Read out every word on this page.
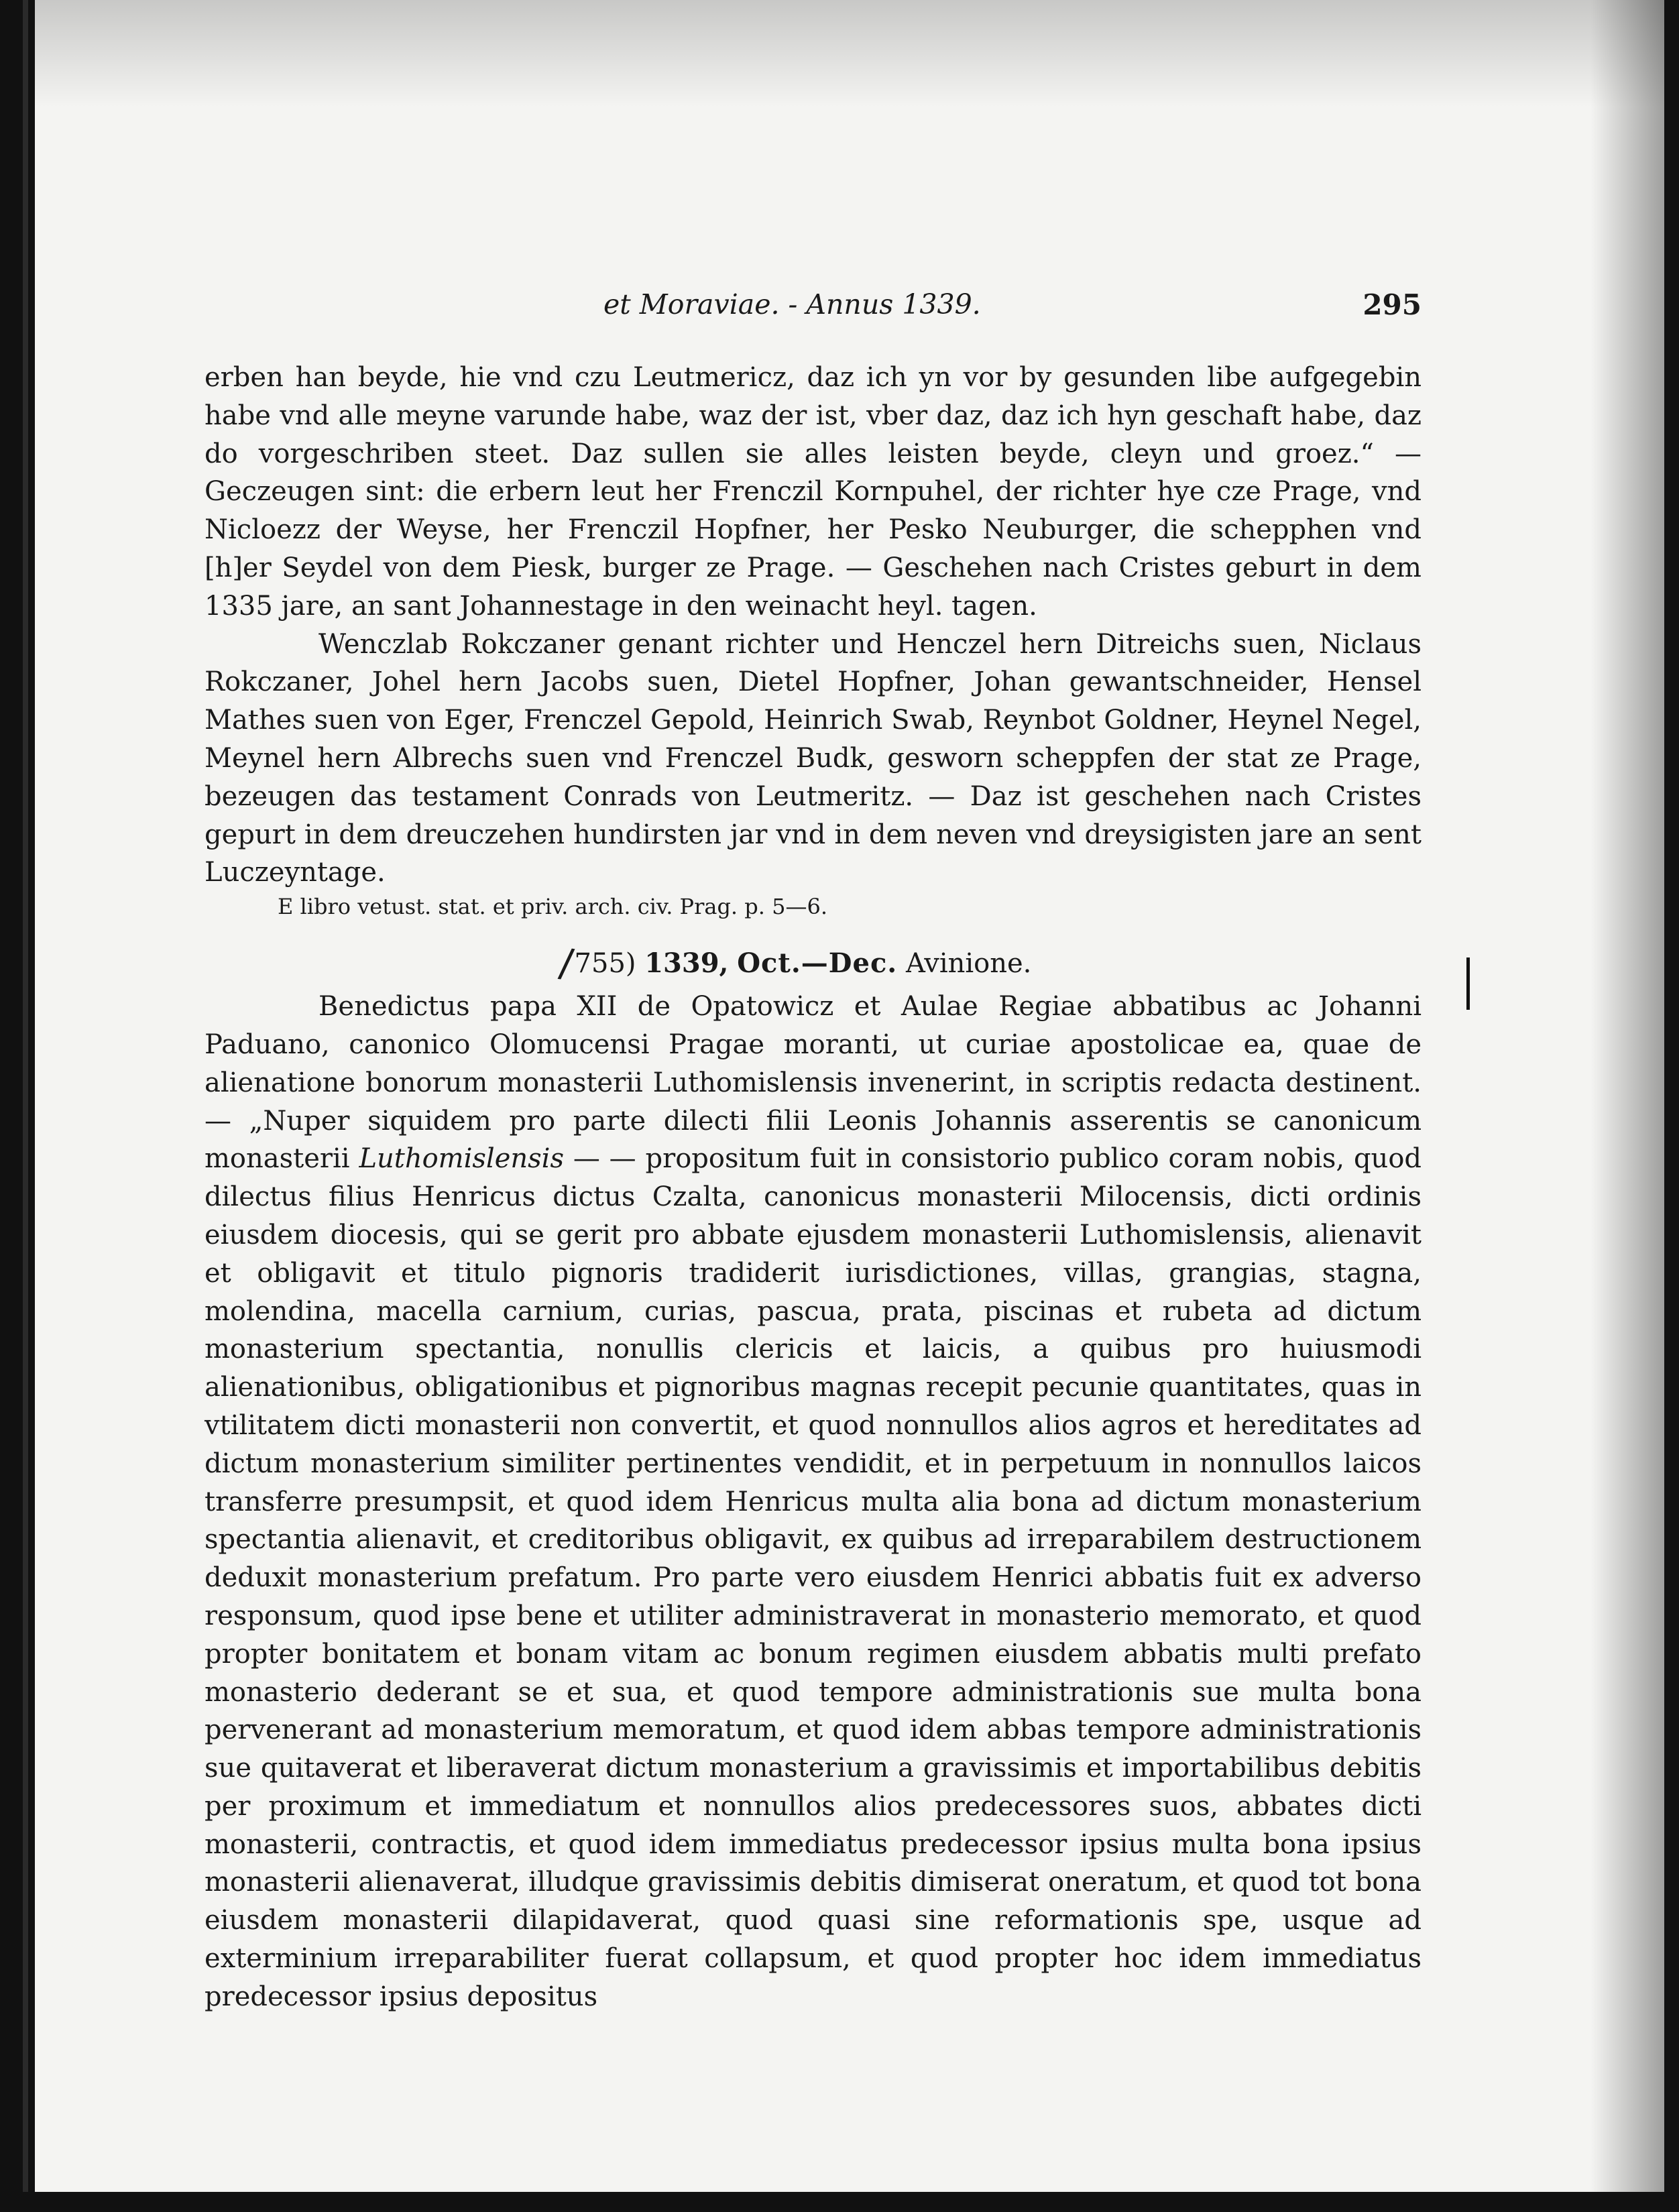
et Moraviae. - Annus 1339.	295

erben han beyde, hie vnd czu Leutmericz, daz ich yn vor by gesunden libe aufgegebin habe vnd alle meyne varunde habe, waz der ist, vber daz, daz ich hyn geschaft habe, daz do vorgeschriben steet. Daz sullen sie alles leisten beyde, cleyn und groez.“ — Geczeugen sint: die erbern leut her Frenczil Kornpuhel, der richter hye cze Prage, vnd Nicloezz der Weyse, her Frenczil Hopfner, her Pesko Neuburger, die schepphen vnd [h]er Seydel von dem Piesk, burger ze Prage. — Geschehen nach Cristes geburt in dem 1335 jare, an sant Johannestage in den weinacht heyl. tagen.

Wenczlab Rokczaner genant richter und Henczel hern Ditreichs suen, Niclaus Rokczaner, Johel hern Jacobs suen, Dietel Hopfner, Johan gewantschneider, Hensel Mathes suen von Eger, Frenczel Gepold, Heinrich Swab, Reynbot Goldner, Heynel Negel, Meynel hern Albrechs suen vnd Frenczel Budk, gesworn scheppfen der stat ze Prage, bezeugen das testament Conrads von Leutmeritz. — Daz ist geschehen nach Cristes gepurt in dem dreuczehen hundirsten jar vnd in dem neven vnd dreysigisten jare an sent Luczeyntage.

E libro vetust. stat. et priv. arch. civ. Prag. p. 5—6.

/755) 1339, Oct.—Dec. Avinione.

Benedictus papa XII de Opatowicz et Aulae Regiae abbatibus ac Johanni Paduano, canonico Olomucensi Pragae moranti, ut curiae apostolicae ea, quae de alienatione bonorum monasterii Luthomislensis invenerint, in scriptis redacta destinent. — „Nuper siquidem pro parte dilecti filii Leonis Johannis asserentis se canonicum monasterii Luthomislensis — — propositum fuit in consistorio publico coram nobis, quod dilectus filius Henricus dictus Czalta, canonicus monasterii Milocensis, dicti ordinis eiusdem diocesis, qui se gerit pro abbate ejusdem monasterii Luthomislensis, alienavit et obligavit et titulo pignoris tradiderit iurisdictiones, villas, grangias, stagna, molendina, macella carnium, curias, pascua, prata, piscinas et rubeta ad dictum monasterium spectantia, nonullis clericis et laicis, a quibus pro huiusmodi alienationibus, obligationibus et pignoribus magnas recepit pecunie quantitates, quas in vtilitatem dicti monasterii non convertit, et quod nonnullos alios agros et hereditates ad dictum monasterium similiter pertinentes vendidit, et in perpetuum in nonnullos laicos transferre presumpsit, et quod idem Henricus multa alia bona ad dictum monasterium spectantia alienavit, et creditoribus obligavit, ex quibus ad irreparabilem destructionem deduxit monasterium prefatum. Pro parte vero eiusdem Henrici abbatis fuit ex adverso responsum, quod ipse bene et utiliter administraverat in monasterio memorato, et quod propter bonitatem et bonam vitam ac bonum regimen eiusdem abbatis multi prefato monasterio dederant se et sua, et quod tempore administrationis sue multa bona pervenerant ad monasterium memoratum, et quod idem abbas tempore administrationis sue quitaverat et liberaverat dictum monasterium a gravissimis et importabilibus debitis per proximum et immediatum et nonnullos alios predecessores suos, abbates dicti monasterii, contractis, et quod idem immediatus predecessor ipsius multa bona ipsius monasterii alienaverat, illudque gravissimis debitis dimiserat oneratum, et quod tot bona eiusdem monasterii dilapidaverat, quod quasi sine reformationis spe, usque ad exterminium irreparabiliter fuerat collapsum, et quod propter hoc idem immediatus predecessor ipsius depositus
